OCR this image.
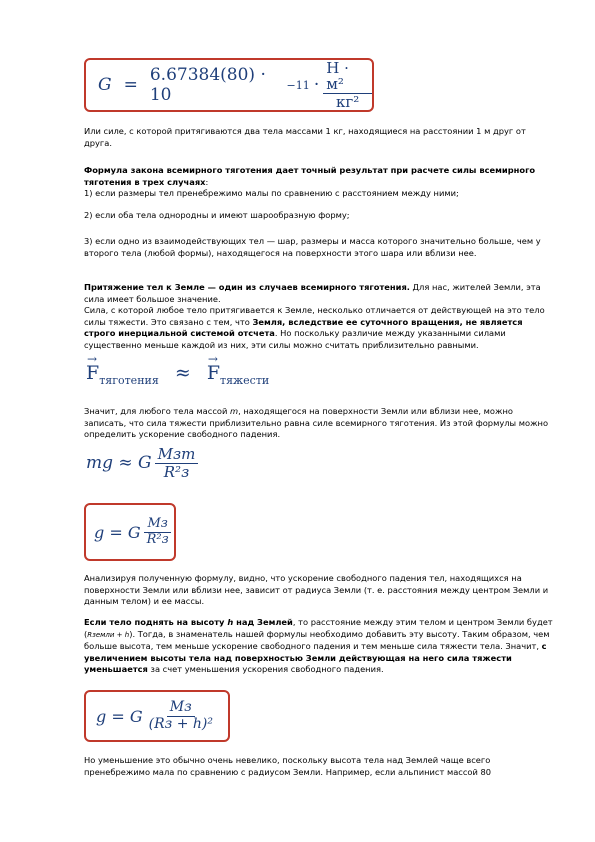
G = 6.67384(80) · 10	$-11 \cdot \frac{\text{Н · м²}}{\text{кг²}}$

Или силе, с которой притягиваются два тела массами 1 кг, находящиеся на расстоянии 1 м друг от друга.

Формула закона всемирного тяготения дает точный результат при расчете силы всемирного тяготения в трех случаях:
1) если размеры тел пренебрежимо малы по сравнению с расстоянием между ними;

2) если оба тела однородны и имеют шарообразную форму;

3) если одно из взаимодействующих тел — шар, размеры и масса которого значительно больше, чем у второго тела (любой формы), находящегося на поверхности этого шара или вблизи нее.

Притяжение тел к Земле — один из случаев всемирного тяготения. Для нас, жителей Земли, эта сила имеет большое значение.
Сила, с которой любое тело притягивается к Земле, несколько отличается от действующей на это тело силы тяжести. Это связано с тем, что Земля, вследствие ее суточного вращения, не является строго инерциальной системой отсчета. Но поскольку различие между указанными силами существенно меньше каждой из них, эти силы можно считать приблизительно равными.

→
$F_{тяготения}$ ≈
→
$F_{тяжести}$

Значит, для любого тела массой m, находящегося на поверхности Земли или вблизи нее, можно записать, что сила тяжести приблизительно равна силе всемирного тяготения. Из этой формулы можно определить ускорение свободного падения.

mg ≈ G $\frac{\text{Mзm}}{\text{R²з}}$
g = G $\frac{Mз}{\text{R²з}}$

Анализируя полученную формулу, видно, что ускорение свободного падения тел, находящихся на поверхности Земли или вблизи нее, зависит от радиуса Земли (т. е. расстояния между центром Земли и данным телом) и ее массы.

Если тело поднять на высоту h над Землей, то расстояние между этим телом и центром Земли будет (Rземли + h). Тогда, в знаменатель нашей формулы необходимо добавить эту высоту. Таким образом, чем больше высота, тем меньше ускорение свободного падения и тем меньше сила тяжести тела. Значит, с увеличением высоты тела над поверхностью Земли действующая на него сила тяжести уменьшается за счет уменьшения ускорения свободного падения.

g = G $\frac{Mз}{\text{(Rз + h)²}}$

Но уменьшение это обычно очень невелико, поскольку высота тела над Землей чаще всего пренебрежимо мала по сравнению с радиусом Земли. Например, если альпинист массой 80
